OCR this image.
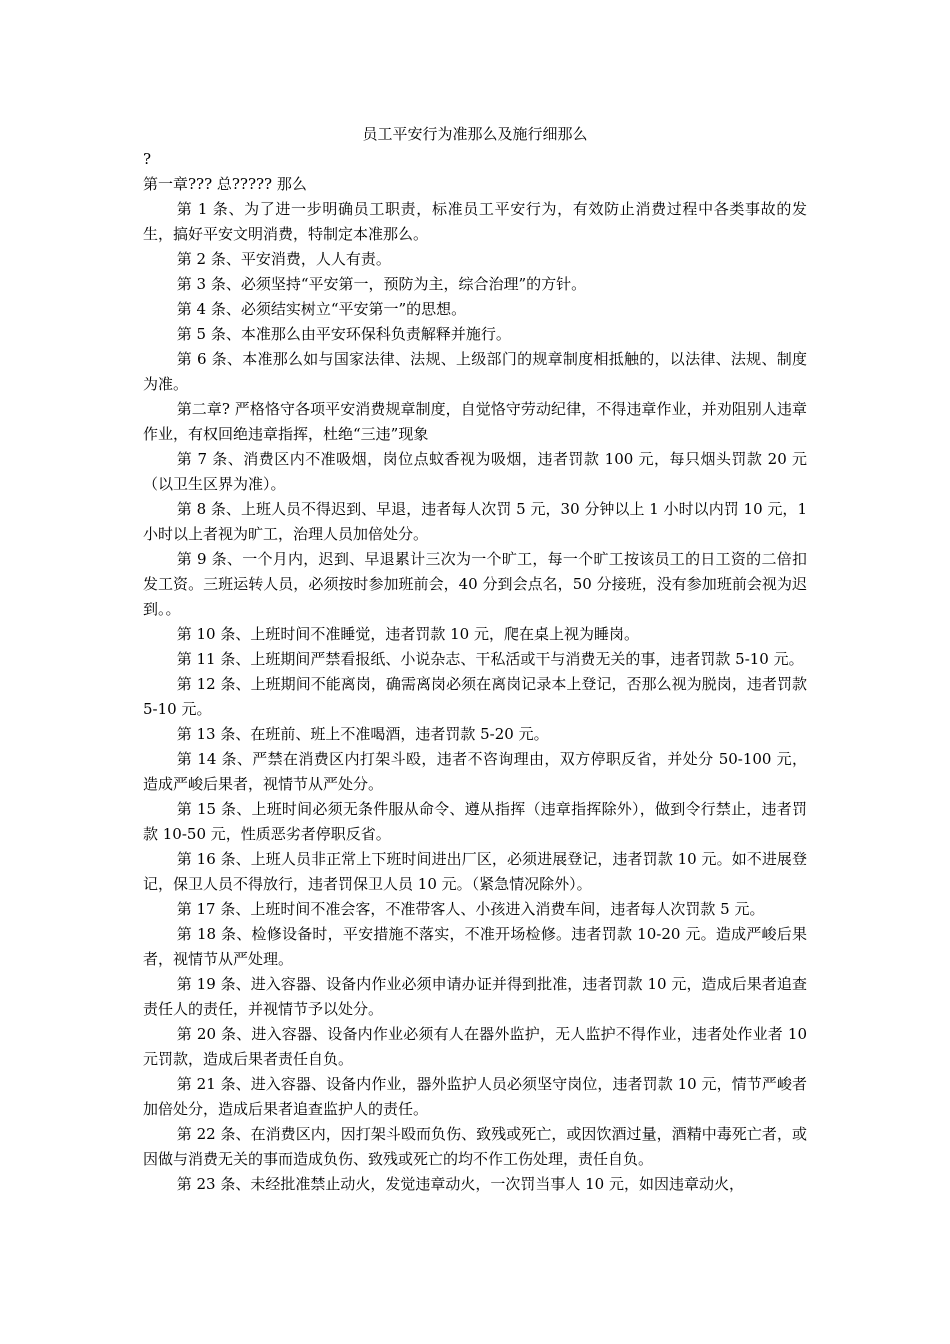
员工平安行为准那么及施行细那么

?

第一章??? 总????? 那么

第 1 条、为了进一步明确员工职责，标准员工平安行为，有效防止消费过程中各类事故的发生，搞好平安文明消费，特制定本准那么。

第 2 条、平安消费，人人有责。

第 3 条、必须坚持“平安第一，预防为主，综合治理”的方针。

第 4 条、必须结实树立“平安第一”的思想。

第 5 条、本准那么由平安环保科负责解释并施行。

第 6 条、本准那么如与国家法律、法规、上级部门的规章制度相抵触的，以法律、法规、制度为准。

第二章? 严格恪守各项平安消费规章制度，自觉恪守劳动纪律，不得违章作业，并劝阻别人违章作业，有权回绝违章指挥，杜绝“三违”现象

第 7 条、消费区内不准吸烟，岗位点蚊香视为吸烟，违者罚款 100 元，每只烟头罚款 20 元（以卫生区界为准）。

第 8 条、上班人员不得迟到、早退，违者每人次罚 5 元，30 分钟以上 1 小时以内罚 10 元，1 小时以上者视为旷工，治理人员加倍处分。

第 9 条、一个月内，迟到、早退累计三次为一个旷工，每一个旷工按该员工的日工资的二倍扣发工资。三班运转人员，必须按时参加班前会，40 分到会点名，50 分接班，没有参加班前会视为迟到。。

第 10 条、上班时间不准睡觉，违者罚款 10 元，爬在桌上视为睡岗。

第 11 条、上班期间严禁看报纸、小说杂志、干私活或干与消费无关的事，违者罚款 5-10 元。

第 12 条、上班期间不能离岗，确需离岗必须在离岗记录本上登记，否那么视为脱岗，违者罚款 5-10 元。

第 13 条、在班前、班上不准喝酒，违者罚款 5-20 元。

第 14 条、严禁在消费区内打架斗殴，违者不咨询理由，双方停职反省，并处分 50-100 元，造成严峻后果者，视情节从严处分。

第 15 条、上班时间必须无条件服从命令、遵从指挥（违章指挥除外），做到令行禁止，违者罚款 10-50 元，性质恶劣者停职反省。

第 16 条、上班人员非正常上下班时间进出厂区，必须进展登记，违者罚款 10 元。如不进展登记，保卫人员不得放行，违者罚保卫人员 10 元。（紧急情况除外）。

第 17 条、上班时间不准会客，不准带客人、小孩进入消费车间，违者每人次罚款 5 元。

第 18 条、检修设备时，平安措施不落实，不准开场检修。违者罚款 10-20 元。造成严峻后果者，视情节从严处理。

第 19 条、进入容器、设备内作业必须申请办证并得到批准，违者罚款 10 元，造成后果者追查责任人的责任，并视情节予以处分。

第 20 条、进入容器、设备内作业必须有人在器外监护，无人监护不得作业，违者处作业者 10 元罚款，造成后果者责任自负。

第 21 条、进入容器、设备内作业，器外监护人员必须坚守岗位，违者罚款 10 元，情节严峻者加倍处分，造成后果者追查监护人的责任。

第 22 条、在消费区内，因打架斗殴而负伤、致残或死亡，或因饮酒过量，酒精中毒死亡者，或因做与消费无关的事而造成负伤、致残或死亡的均不作工伤处理，责任自负。

第 23 条、未经批准禁止动火，发觉违章动火，一次罚当事人 10 元，如因违章动火，
